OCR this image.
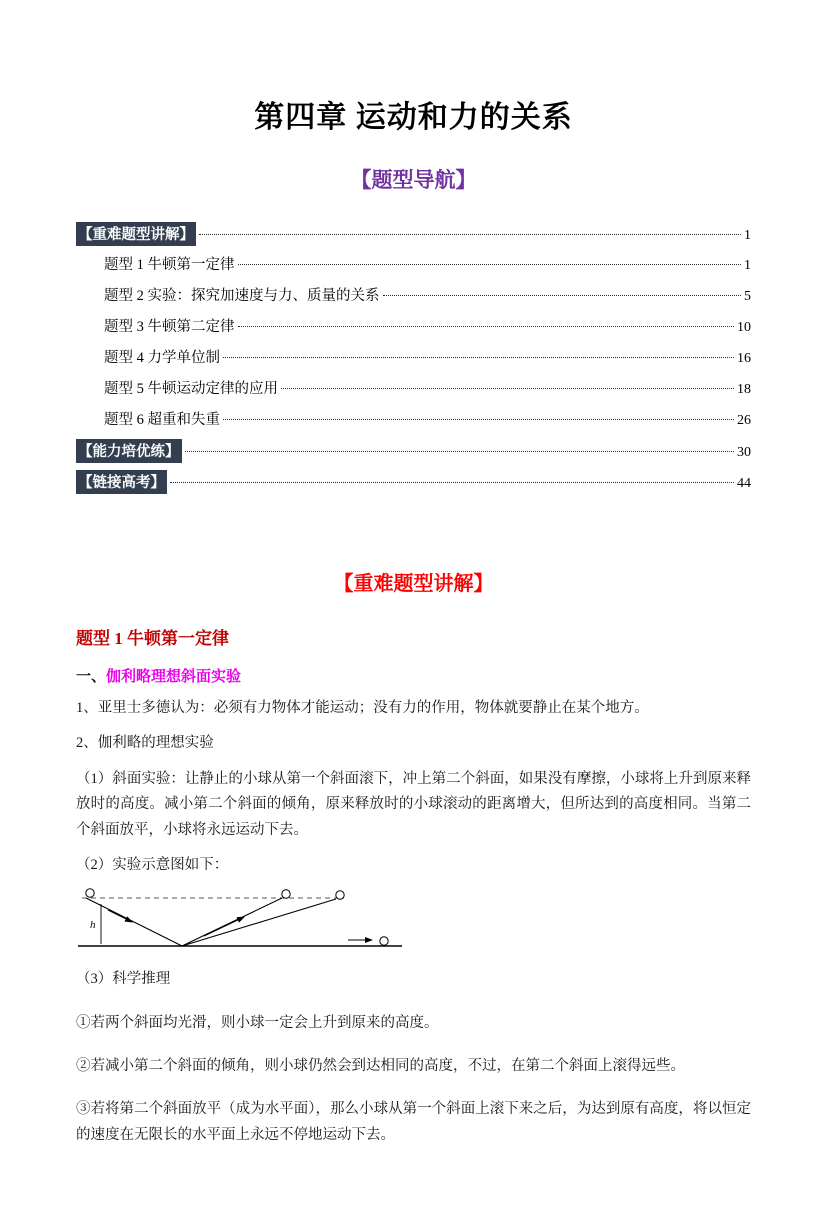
第四章 运动和力的关系
【题型导航】
【重难题型讲解】	1
题型 1 牛顿第一定律	1
题型 2 实验：探究加速度与力、质量的关系	5
题型 3 牛顿第二定律	10
题型 4 力学单位制	16
题型 5 牛顿运动定律的应用	18
题型 6 超重和失重	26
【能力培优练】	30
【链接高考】	44
【重难题型讲解】
题型 1 牛顿第一定律
一、伽利略理想斜面实验
1、亚里士多德认为：必须有力物体才能运动；没有力的作用，物体就要静止在某个地方。
2、伽利略的理想实验
（1）斜面实验：让静止的小球从第一个斜面滚下，冲上第二个斜面，如果没有摩擦，小球将上升到原来释放时的高度。减小第二个斜面的倾角，原来释放时的小球滚动的距离增大，但所达到的高度相同。当第二个斜面放平，小球将永远运动下去。
（2）实验示意图如下：
h
（3）科学推理
①若两个斜面均光滑，则小球一定会上升到原来的高度。
②若减小第二个斜面的倾角，则小球仍然会到达相同的高度，不过，在第二个斜面上滚得远些。
③若将第二个斜面放平（成为水平面），那么小球从第一个斜面上滚下来之后，为达到原有高度，将以恒定的速度在无限长的水平面上永远不停地运动下去。
